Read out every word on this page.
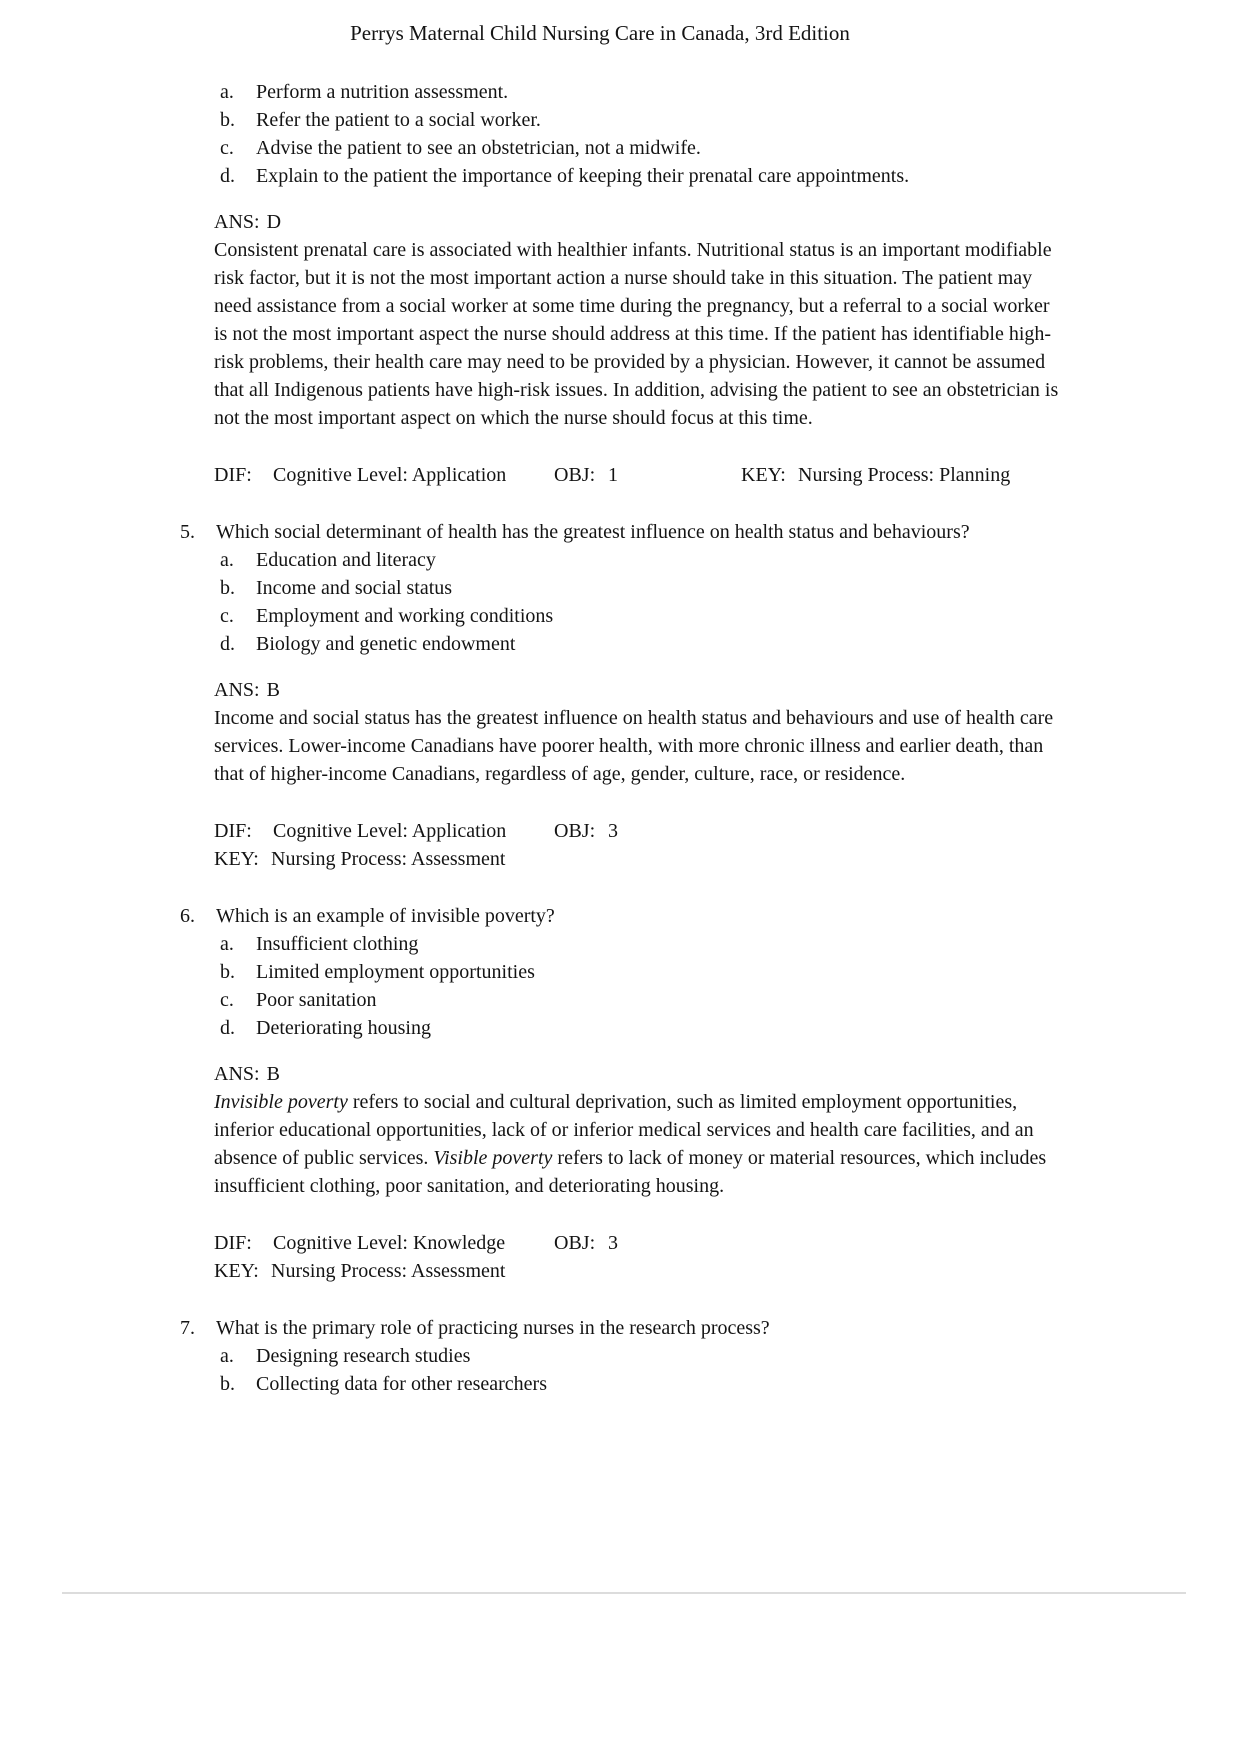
Perrys Maternal Child Nursing Care in Canada, 3rd Edition
a.	Perform a nutrition assessment.
b.	Refer the patient to a social worker.
c.	Advise the patient to see an obstetrician, not a midwife.
d.	Explain to the patient the importance of keeping their prenatal care appointments.
ANS: D

Consistent prenatal care is associated with healthier infants. Nutritional status is an important modifiable risk factor, but it is not the most important action a nurse should take in this situation. The patient may need assistance from a social worker at some time during the pregnancy, but a referral to a social worker is not the most important aspect the nurse should address at this time. If the patient has identifiable high-risk problems, their health care may need to be provided by a physician. However, it cannot be assumed that all Indigenous patients have high-risk issues. In addition, advising the patient to see an obstetrician is not the most important aspect on which the nurse should focus at this time.

DIF:	Cognitive Level: Application OBJ: 1	KEY: Nursing Process: Planning
5.	Which social determinant of health has the greatest influence on health status and behaviours?
a.	Education and literacy
b.	Income and social status
c.	Employment and working conditions
d.	Biology and genetic endowment
ANS: B

Income and social status has the greatest influence on health status and behaviours and use of health care services. Lower-income Canadians have poorer health, with more chronic illness and earlier death, than that of higher-income Canadians, regardless of age, gender, culture, race, or residence.

DIF:	Cognitive Level: Application OBJ: 3
KEY: Nursing Process: Assessment
6.	Which is an example of invisible poverty?
a.	Insufficient clothing
b.	Limited employment opportunities
c.	Poor sanitation
d.	Deteriorating housing
ANS: B

Invisible poverty refers to social and cultural deprivation, such as limited employment opportunities, inferior educational opportunities, lack of or inferior medical services and health care facilities, and an absence of public services. Visible poverty refers to lack of money or material resources, which includes insufficient clothing, poor sanitation, and deteriorating housing.

DIF:	Cognitive Level: Knowledge OBJ: 3
KEY: Nursing Process: Assessment
7.	What is the primary role of practicing nurses in the research process?
a.	Designing research studies
b.	Collecting data for other researchers
